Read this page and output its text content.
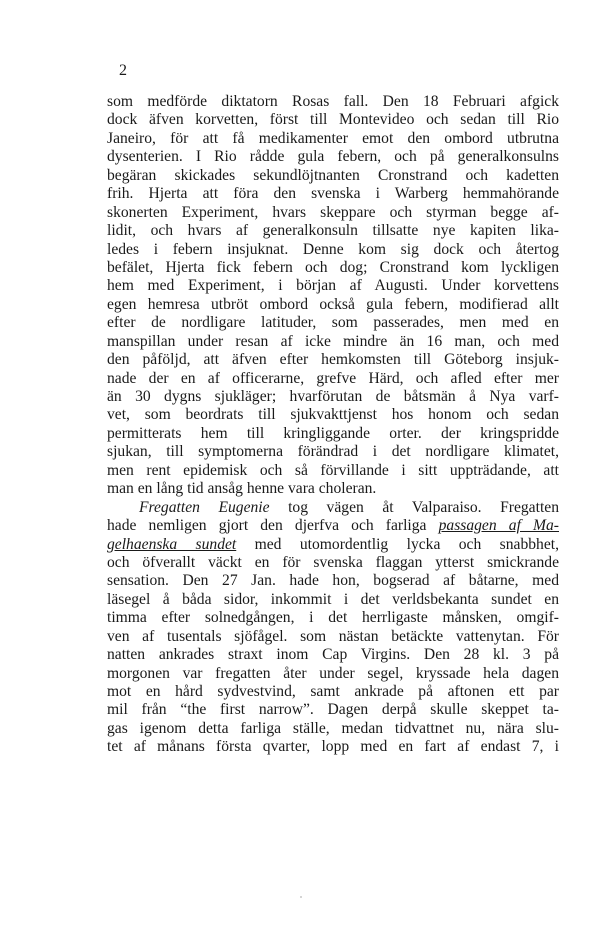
2
som medförde diktatorn Rosas fall. Den 18 Februari afgick
dock äfven korvetten, först till Montevideo och sedan till Rio
Janeiro, för att få medikamenter emot den ombord utbrutna
dysenterien. I Rio rådde gula febern, och på generalkonsulns
begäran skickades sekundlöjtnanten Cronstrand och kadetten
frih. Hjerta att föra den svenska i Warberg hemmahörande
skonerten Experiment, hvars skeppare och styrman begge af-
lidit, och hvars af generalkonsuln tillsatte nye kapiten lika-
ledes i febern insjuknat. Denne kom sig dock och återtog
befälet, Hjerta fick febern och dog; Cronstrand kom lyckligen
hem med Experiment, i början af Augusti. Under korvettens
egen hemresa utbröt ombord också gula febern, modifierad allt
efter de nordligare latituder, som passerades, men med en
manspillan under resan af icke mindre än 16 man, och med
den påföljd, att äfven efter hemkomsten till Göteborg insjuk-
nade der en af officerarne, grefve Härd, och afled efter mer
än 30 dygns sjukläger; hvarförutan de båtsmän å Nya varf-
vet, som beordrats till sjukvakttjenst hos honom och sedan
permitterats hem till kringliggande orter. der kringspridde
sjukan, till symptomerna förändrad i det nordligare klimatet,
men rent epidemisk och så förvillande i sitt uppträdande, att
man en lång tid ansåg henne vara choleran.
Fregatten Eugenie tog vägen åt Valparaiso. Fregatten
hade nemligen gjort den djerfva och farliga passagen af Ma-
gelhaenska sundet med utomordentlig lycka och snabbhet,
och öfverallt väckt en för svenska flaggan ytterst smickrande
sensation. Den 27 Jan. hade hon, bogserad af båtarne, med
läsegel å båda sidor, inkommit i det verldsbekanta sundet en
timma efter solnedgången, i det herrligaste månsken, omgif-
ven af tusentals sjöfågel. som nästan betäckte vattenytan. För
natten ankrades straxt inom Cap Virgins. Den 28 kl. 3 på
morgonen var fregatten åter under segel, kryssade hela dagen
mot en hård sydvestvind, samt ankrade på aftonen ett par
mil från “the first narrow”. Dagen derpå skulle skeppet ta-
gas igenom detta farliga ställe, medan tidvattnet nu, nära slu-
tet af månans första qvarter, lopp med en fart af endast 7, i
